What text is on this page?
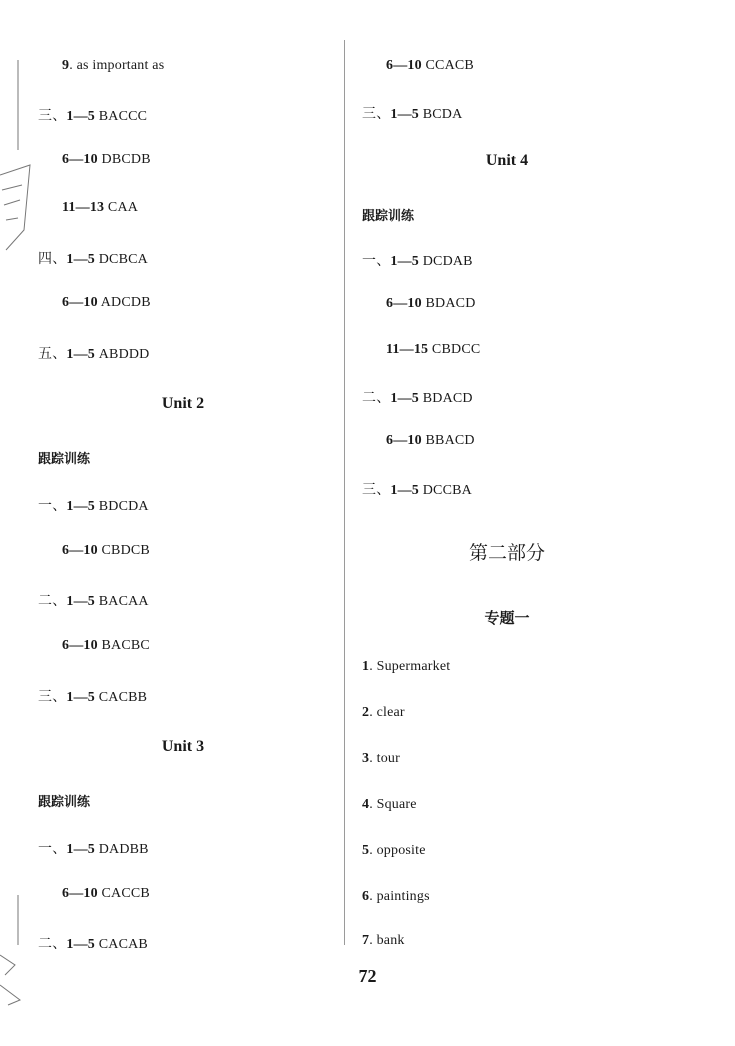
9. as important as
三、1—5 BACCC
6—10 DBCDB
11—13 CAA
四、1—5 DCBCA
6—10 ADCDB
五、1—5 ABDDD
Unit 2
跟踪训练
一、1—5 BDCDA
6—10 CBDCB
二、1—5 BACAA
6—10 BACBC
三、1—5 CACBB
Unit 3
跟踪训练
一、1—5 DADBB
6—10 CACCB
二、1—5 CACAB
6—10 CCACB
三、1—5 BCDA
Unit 4
跟踪训练
一、1—5 DCDAB
6—10 BDACD
11—15 CBDCC
二、1—5 BDACD
6—10 BBACD
三、1—5 DCCBA
第二部分
专题一
1. Supermarket
2. clear
3. tour
4. Square
5. opposite
6. paintings
7. bank
72
